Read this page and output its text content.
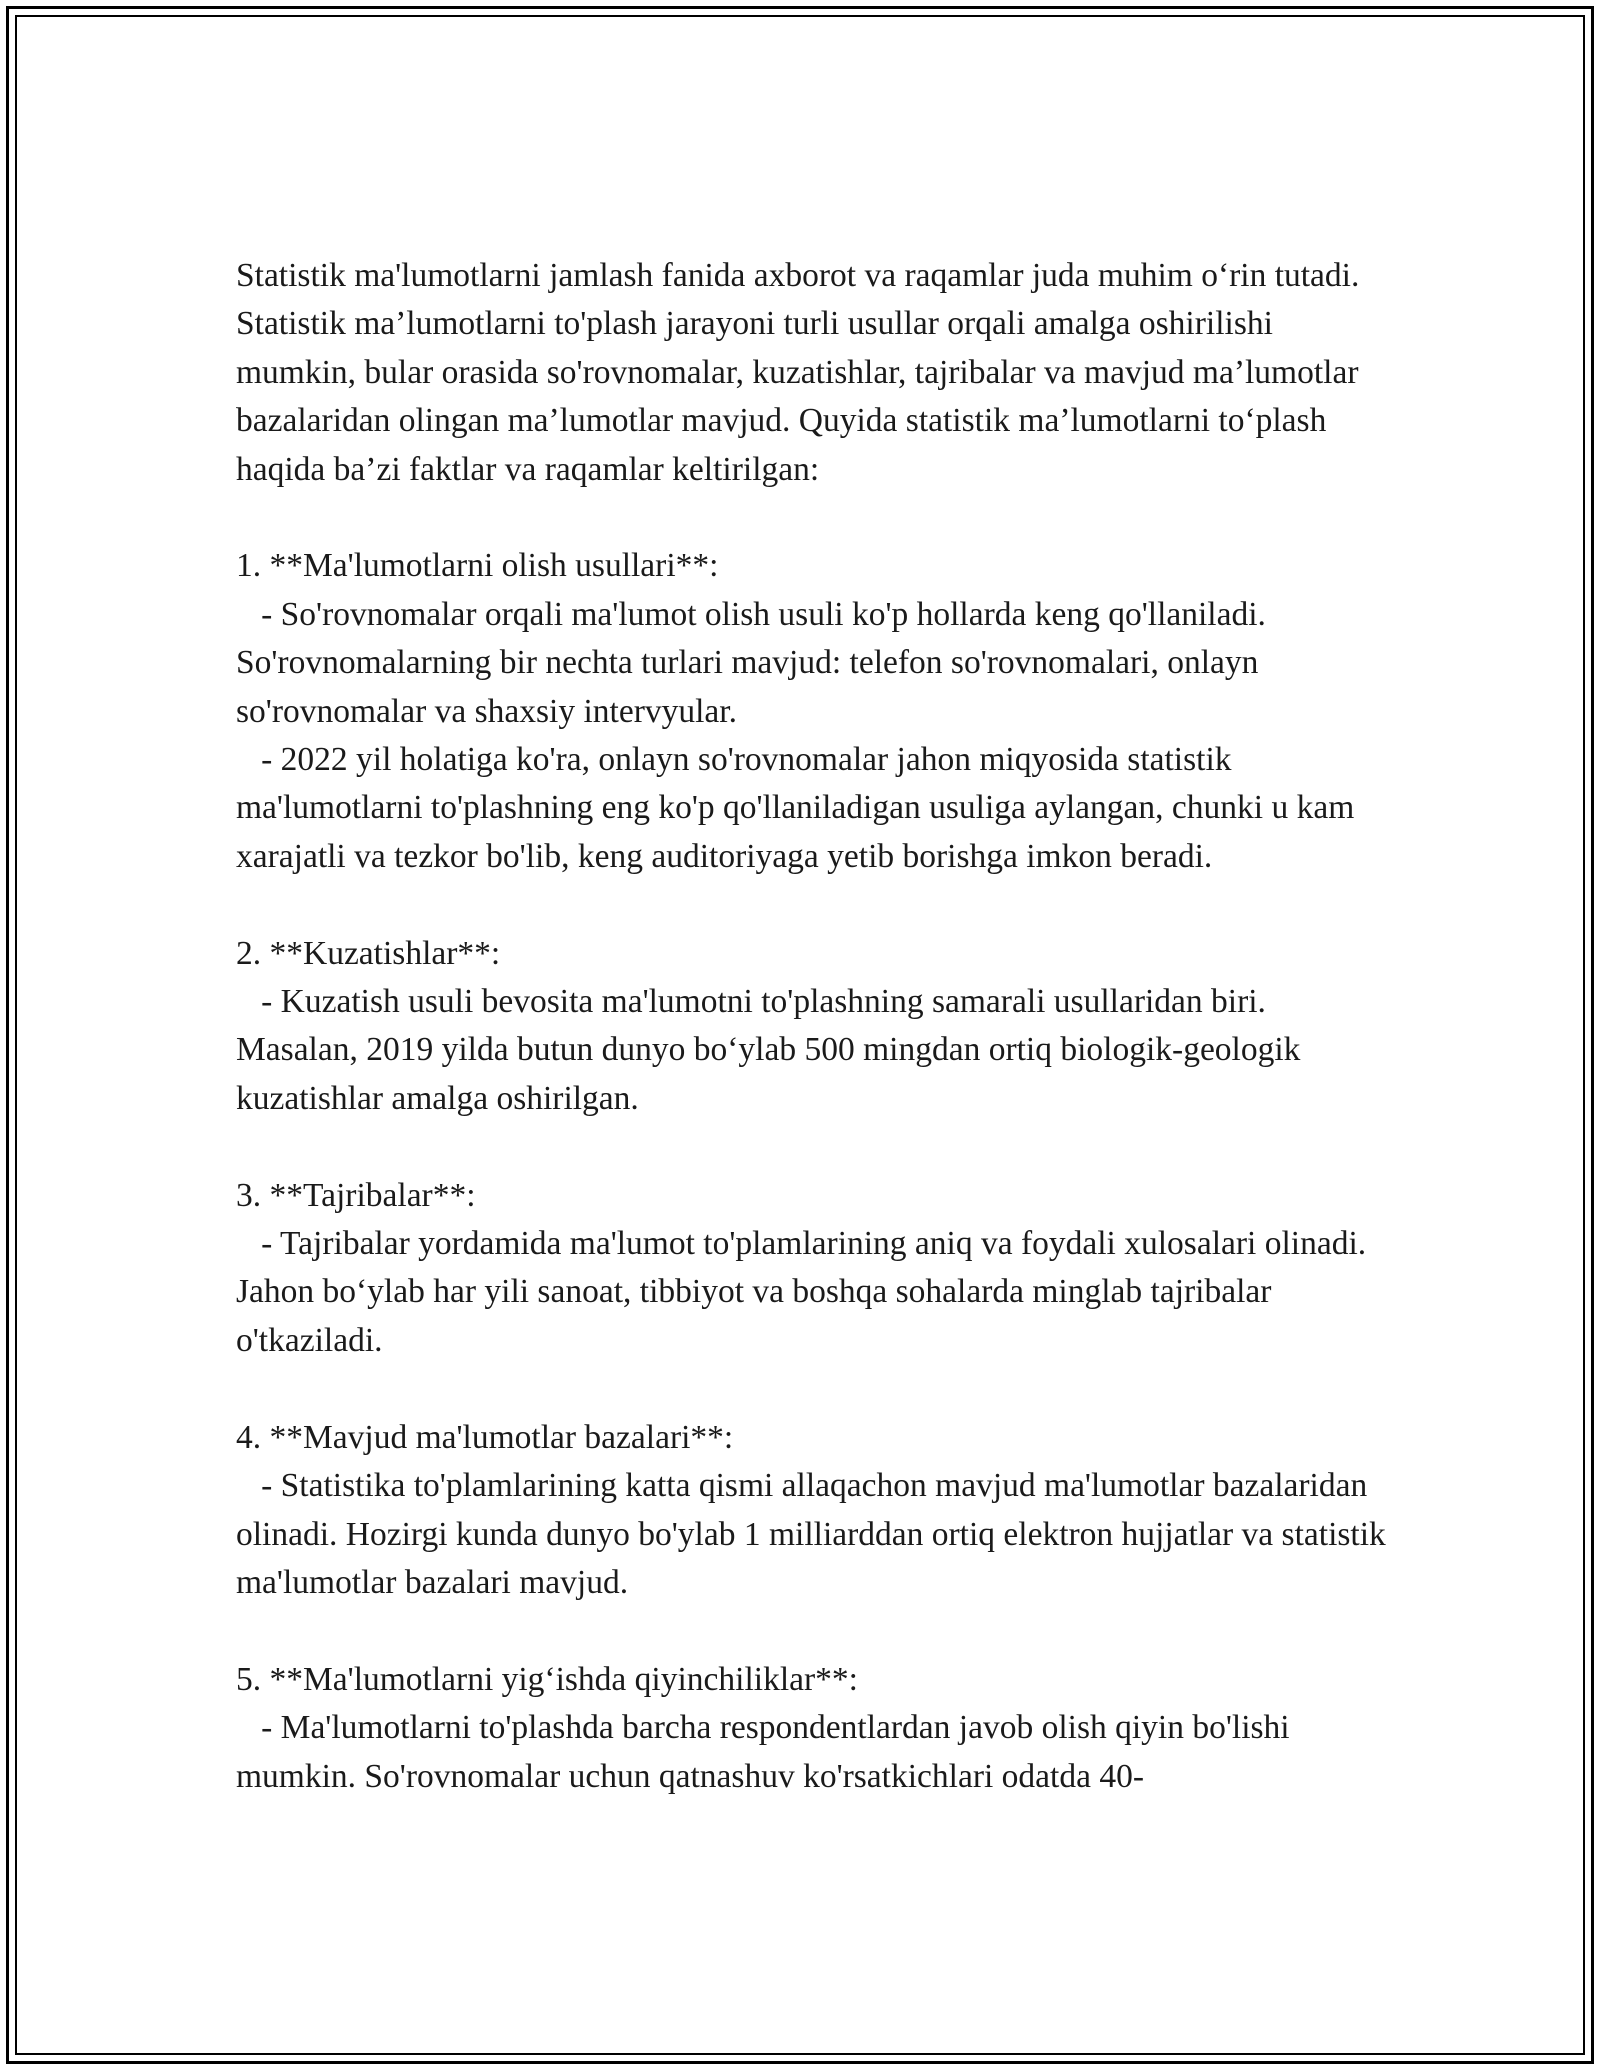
Statistik ma'lumotlarni jamlash fanida axborot va raqamlar juda muhim o‘rin tutadi. Statistik ma’lumotlarni to'plash jarayoni turli usullar orqali amalga oshirilishi mumkin, bular orasida so'rovnomalar, kuzatishlar, tajribalar va mavjud ma’lumotlar bazalaridan olingan ma’lumotlar mavjud. Quyida statistik ma’lumotlarni to‘plash haqida ba’zi faktlar va raqamlar keltirilgan:

1. **Ma'lumotlarni olish usullari**:

- So'rovnomalar orqali ma'lumot olish usuli ko'p hollarda keng qo'llaniladi. So'rovnomalarning bir nechta turlari mavjud: telefon so'rovnomalari, onlayn so'rovnomalar va shaxsiy intervyular.

- 2022 yil holatiga ko'ra, onlayn so'rovnomalar jahon miqyosida statistik ma'lumotlarni to'plashning eng ko'p qo'llaniladigan usuliga aylangan, chunki u kam xarajatli va tezkor bo'lib, keng auditoriyaga yetib borishga imkon beradi.

2. **Kuzatishlar**:

- Kuzatish usuli bevosita ma'lumotni to'plashning samarali usullaridan biri. Masalan, 2019 yilda butun dunyo bo‘ylab 500 mingdan ortiq biologik-geologik kuzatishlar amalga oshirilgan.

3. **Tajribalar**:

- Tajribalar yordamida ma'lumot to'plamlarining aniq va foydali xulosalari olinadi. Jahon bo‘ylab har yili sanoat, tibbiyot va boshqa sohalarda minglab tajribalar o'tkaziladi.

4. **Mavjud ma'lumotlar bazalari**:

- Statistika to'plamlarining katta qismi allaqachon mavjud ma'lumotlar bazalaridan olinadi. Hozirgi kunda dunyo bo'ylab 1 milliarddan ortiq elektron hujjatlar va statistik ma'lumotlar bazalari mavjud.

5. **Ma'lumotlarni yig‘ishda qiyinchiliklar**:

- Ma'lumotlarni to'plashda barcha respondentlardan javob olish qiyin bo'lishi mumkin. So'rovnomalar uchun qatnashuv ko'rsatkichlari odatda 40-
